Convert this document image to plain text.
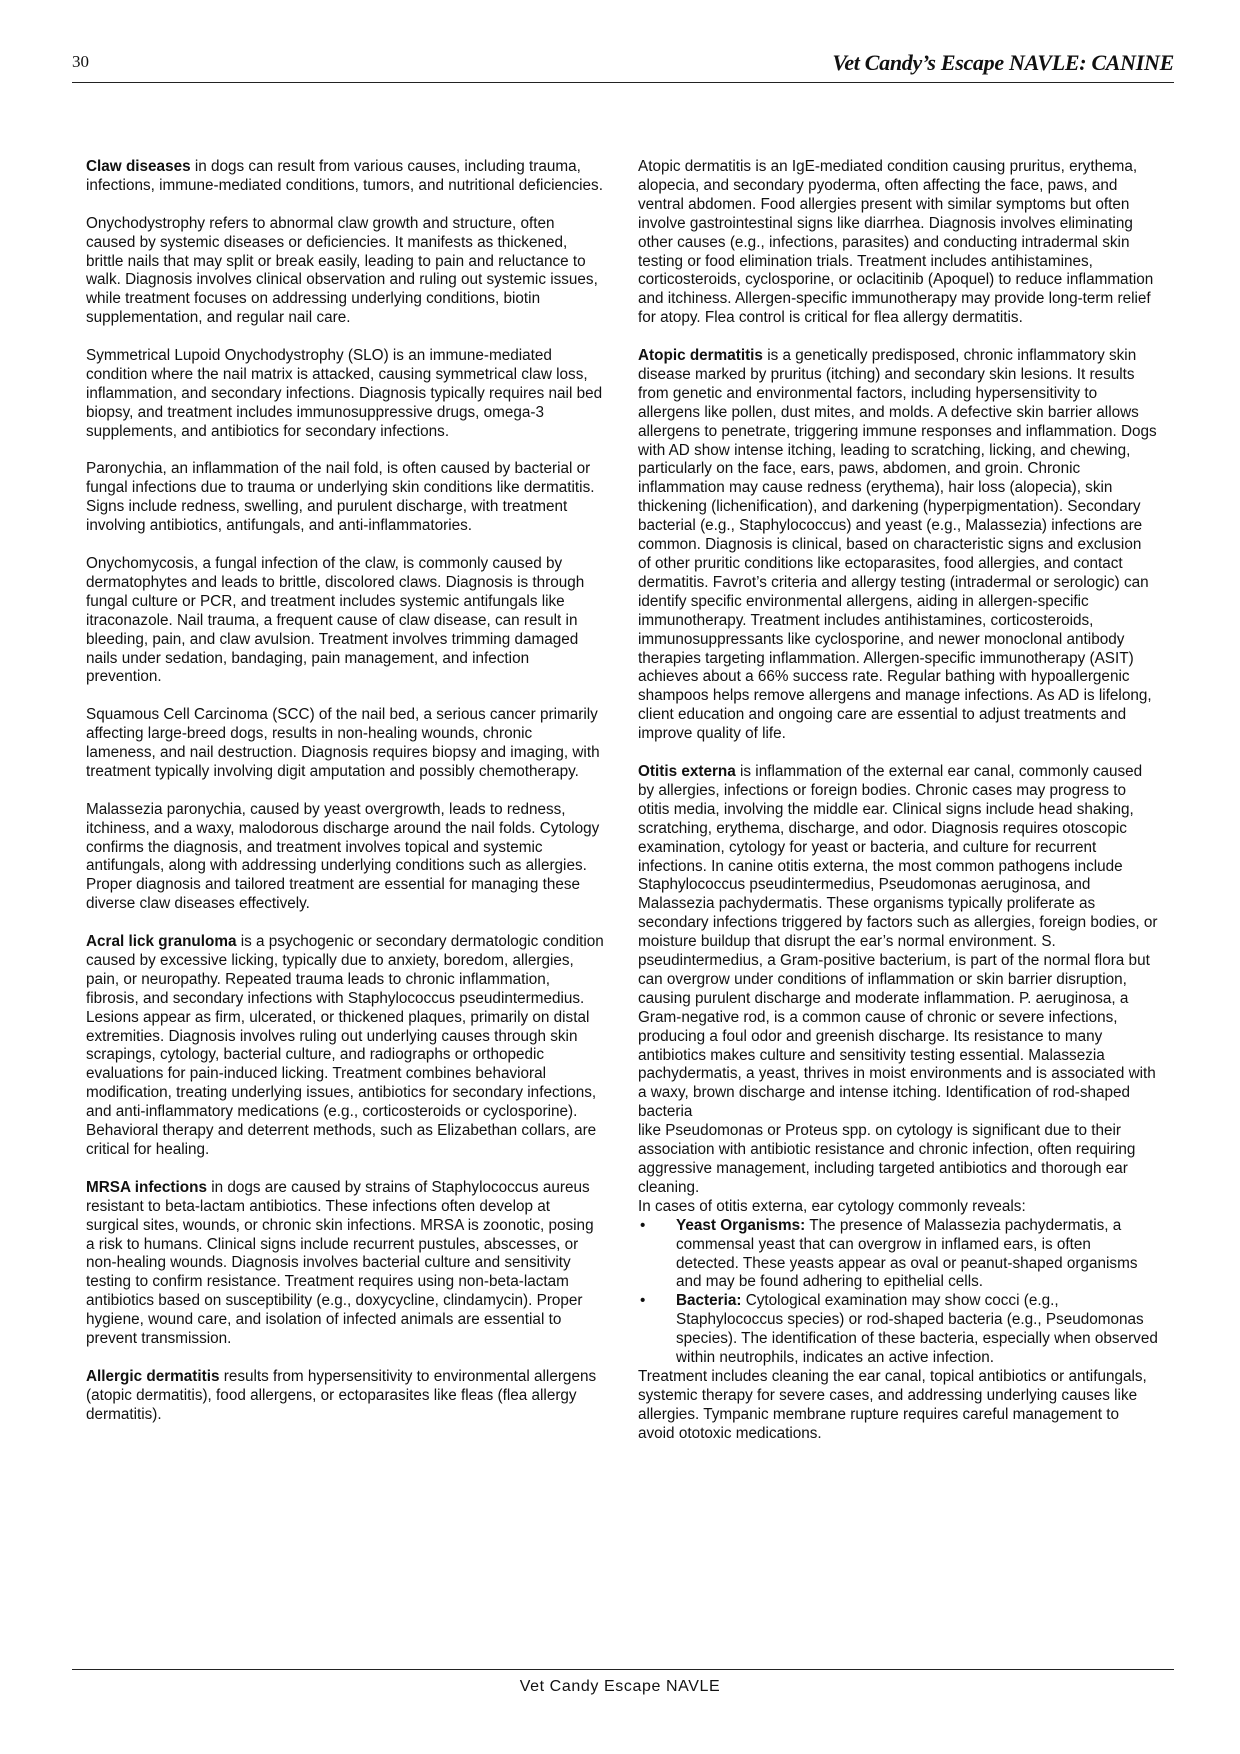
30	Vet Candy’s Escape NAVLE: CANINE

Claw diseases in dogs can result from various causes, including trauma, infections, immune-mediated conditions, tumors, and nutritional deficiencies.

Onychodystrophy refers to abnormal claw growth and structure, often caused by systemic diseases or deficiencies. It manifests as thickened, brittle nails that may split or break easily, leading to pain and reluctance to walk. Diagnosis involves clinical observation and ruling out systemic issues, while treatment focuses on addressing underlying conditions, biotin supplementation, and regular nail care.

Symmetrical Lupoid Onychodystrophy (SLO) is an immune-mediated condition where the nail matrix is attacked, causing symmetrical claw loss, inflammation, and secondary infections. Diagnosis typically requires nail bed biopsy, and treatment includes immunosuppressive drugs, omega-3 supplements, and antibiotics for secondary infections.

Paronychia, an inflammation of the nail fold, is often caused by bacterial or fungal infections due to trauma or underlying skin conditions like dermatitis. Signs include redness, swelling, and purulent discharge, with treatment involving antibiotics, antifungals, and anti-inflammatories.

Onychomycosis, a fungal infection of the claw, is commonly caused by dermatophytes and leads to brittle, discolored claws. Diagnosis is through fungal culture or PCR, and treatment includes systemic antifungals like itraconazole. Nail trauma, a frequent cause of claw disease, can result in bleeding, pain, and claw avulsion. Treatment involves trimming damaged nails under sedation, bandaging, pain management, and infection prevention.

Squamous Cell Carcinoma (SCC) of the nail bed, a serious cancer primarily affecting large-breed dogs, results in non-healing wounds, chronic lameness, and nail destruction. Diagnosis requires biopsy and imaging, with treatment typically involving digit amputation and possibly chemotherapy.

Malassezia paronychia, caused by yeast overgrowth, leads to redness, itchiness, and a waxy, malodorous discharge around the nail folds. Cytology confirms the diagnosis, and treatment involves topical and systemic antifungals, along with addressing underlying conditions such as allergies. Proper diagnosis and tailored treatment are essential for managing these diverse claw diseases effectively.

Acral lick granuloma is a psychogenic or secondary dermatologic condition caused by excessive licking, typically due to anxiety, boredom, allergies, pain, or neuropathy. Repeated trauma leads to chronic inflammation, fibrosis, and secondary infections with Staphylococcus pseudintermedius. Lesions appear as firm, ulcerated, or thickened plaques, primarily on distal extremities. Diagnosis involves ruling out underlying causes through skin scrapings, cytology, bacterial culture, and radiographs or orthopedic evaluations for pain-induced licking. Treatment combines behavioral modification, treating underlying issues, antibiotics for secondary infections, and anti-inflammatory medications (e.g., corticosteroids or cyclosporine). Behavioral therapy and deterrent methods, such as Elizabethan collars, are critical for healing.

MRSA infections in dogs are caused by strains of Staphylococcus aureus resistant to beta-lactam antibiotics. These infections often develop at surgical sites, wounds, or chronic skin infections. MRSA is zoonotic, posing a risk to humans. Clinical signs include recurrent pustules, abscesses, or non-healing wounds. Diagnosis involves bacterial culture and sensitivity testing to confirm resistance. Treatment requires using non-beta-lactam antibiotics based on susceptibility (e.g., doxycycline, clindamycin). Proper hygiene, wound care, and isolation of infected animals are essential to prevent transmission.

Allergic dermatitis results from hypersensitivity to environmental allergens (atopic dermatitis), food allergens, or ectoparasites like fleas (flea allergy dermatitis).

Atopic dermatitis is an IgE-mediated condition causing pruritus, erythema, alopecia, and secondary pyoderma, often affecting the face, paws, and ventral abdomen. Food allergies present with similar symptoms but often involve gastrointestinal signs like diarrhea. Diagnosis involves eliminating other causes (e.g., infections, parasites) and conducting intradermal skin testing or food elimination trials. Treatment includes antihistamines, corticosteroids, cyclosporine, or oclacitinib (Apoquel) to reduce inflammation and itchiness. Allergen-specific immunotherapy may provide long-term relief for atopy. Flea control is critical for flea allergy dermatitis.

Atopic dermatitis is a genetically predisposed, chronic inflammatory skin disease marked by pruritus (itching) and secondary skin lesions. It results from genetic and environmental factors, including hypersensitivity to allergens like pollen, dust mites, and molds. A defective skin barrier allows allergens to penetrate, triggering immune responses and inflammation. Dogs with AD show intense itching, leading to scratching, licking, and chewing, particularly on the face, ears, paws, abdomen, and groin. Chronic inflammation may cause redness (erythema), hair loss (alopecia), skin thickening (lichenification), and darkening (hyperpigmentation). Secondary bacterial (e.g., Staphylococcus) and yeast (e.g., Malassezia) infections are common. Diagnosis is clinical, based on characteristic signs and exclusion of other pruritic conditions like ectoparasites, food allergies, and contact dermatitis. Favrot’s criteria and allergy testing (intradermal or serologic) can identify specific environmental allergens, aiding in allergen-specific immunotherapy. Treatment includes antihistamines, corticosteroids, immunosuppressants like cyclosporine, and newer monoclonal antibody therapies targeting inflammation. Allergen-specific immunotherapy (ASIT) achieves about a 66% success rate. Regular bathing with hypoallergenic shampoos helps remove allergens and manage infections. As AD is lifelong, client education and ongoing care are essential to adjust treatments and improve quality of life.

Otitis externa is inflammation of the external ear canal, commonly caused by allergies, infections or foreign bodies. Chronic cases may progress to otitis media, involving the middle ear. Clinical signs include head shaking, scratching, erythema, discharge, and odor. Diagnosis requires otoscopic examination, cytology for yeast or bacteria, and culture for recurrent infections. In canine otitis externa, the most common pathogens include Staphylococcus pseudintermedius, Pseudomonas aeruginosa, and Malassezia pachydermatis. These organisms typically proliferate as secondary infections triggered by factors such as allergies, foreign bodies, or moisture buildup that disrupt the ear’s normal environment. S. pseudintermedius, a Gram-positive bacterium, is part of the normal flora but can overgrow under conditions of inflammation or skin barrier disruption, causing purulent discharge and moderate inflammation. P. aeruginosa, a Gram-negative rod, is a common cause of chronic or severe infections, producing a foul odor and greenish discharge. Its resistance to many antibiotics makes culture and sensitivity testing essential. Malassezia pachydermatis, a yeast, thrives in moist environments and is associated with a waxy, brown discharge and intense itching. Identification of rod-shaped bacteria

like Pseudomonas or Proteus spp. on cytology is significant due to their association with antibiotic resistance and chronic infection, often requiring aggressive management, including targeted antibiotics and thorough ear cleaning.

In cases of otitis externa, ear cytology commonly reveals:

• Yeast Organisms: The presence of Malassezia pachydermatis, a commensal yeast that can overgrow in inflamed ears, is often detected. These yeasts appear as oval or peanut-shaped organisms and may be found adhering to epithelial cells.
• Bacteria: Cytological examination may show cocci (e.g., Staphylococcus species) or rod-shaped bacteria (e.g., Pseudomonas species). The identification of these bacteria, especially when observed within neutrophils, indicates an active infection.

Treatment includes cleaning the ear canal, topical antibiotics or antifungals, systemic therapy for severe cases, and addressing underlying causes like allergies. Tympanic membrane rupture requires careful management to avoid ototoxic medications.

Vet Candy Escape NAVLE
